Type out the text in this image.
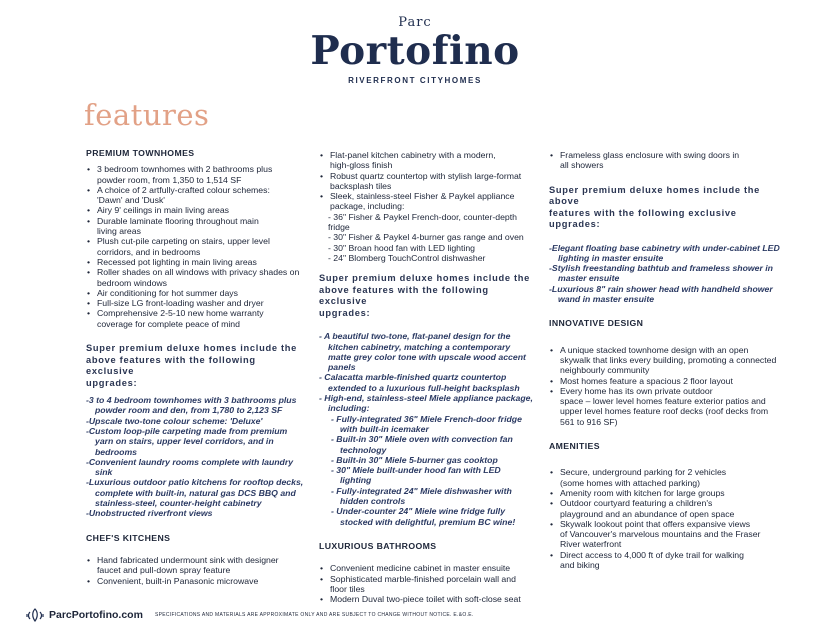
Parc
Portofino
RIVERFRONT CITYHOMES
features
PREMIUM TOWNHOMES
• 3 bedroom townhomes with 2 bathrooms plus
powder room, from 1,350 to 1,514 SF
• A choice of 2 artfully-crafted colour schemes:
'Dawn' and 'Dusk'
• Airy 9' ceilings in main living areas
• Durable laminate flooring throughout main
living areas
• Plush cut-pile carpeting on stairs, upper level
corridors, and in bedrooms
• Recessed pot lighting in main living areas
• Roller shades on all windows with privacy shades on
bedroom windows
• Air conditioning for hot summer days
• Full-size LG front-loading washer and dryer
• Comprehensive 2-5-10 new home warranty
coverage for complete peace of mind
Super premium deluxe homes include the
above features with the following exclusive
upgrades:
-3 to 4 bedroom townhomes with 3 bathrooms plus powder room and den, from 1,780 to 2,123 SF
-Upscale two-tone colour scheme: 'Deluxe'
-Custom loop-pile carpeting made from premium yarn on stairs, upper level corridors, and in bedrooms
-Convenient laundry rooms complete with laundry sink
-Luxurious outdoor patio kitchens for rooftop decks, complete with built-in, natural gas DCS BBQ and stainless-steel, counter-height cabinetry
-Unobstructed riverfront views
CHEF'S KITCHENS
• Hand fabricated undermount sink with designer
faucet and pull-down spray feature
• Convenient, built-in Panasonic microwave
• Flat-panel kitchen cabinetry with a modern,
high-gloss finish
• Robust quartz countertop with stylish large-format
backsplash tiles
• Sleek, stainless-steel Fisher & Paykel appliance
package, including:
- 36" Fisher & Paykel French-door, counter-depth
fridge
- 30" Fisher & Paykel 4-burner gas range and oven
- 30" Broan hood fan with LED lighting
- 24" Blomberg TouchControl dishwasher
Super premium deluxe homes include the
above features with the following exclusive
upgrades:
- A beautiful two-tone, flat-panel design for the kitchen cabinetry, matching a contemporary matte grey color tone with upscale wood accent panels
- Calacatta marble-finished quartz countertop extended to a luxurious full-height backsplash
- High-end, stainless-steel Miele appliance package, including:
- Fully-integrated 36" Miele French-door fridge with built-in icemaker
- Built-in 30" Miele oven with convection fan technology
- Built-in 30" Miele 5-burner gas cooktop
- 30" Miele built-under hood fan with LED lighting
- Fully-integrated 24" Miele dishwasher with hidden controls
- Under-counter 24" Miele wine fridge fully stocked with delightful, premium BC wine!
LUXURIOUS BATHROOMS
• Convenient medicine cabinet in master ensuite
• Sophisticated marble-finished porcelain wall and
floor tiles
• Modern Duval two-piece toilet with soft-close seat
• Frameless glass enclosure with swing doors in
all showers
Super premium deluxe homes include the above
features with the following exclusive upgrades:
-Elegant floating base cabinetry with under-cabinet LED lighting in master ensuite
-Stylish freestanding bathtub and frameless shower in master ensuite
-Luxurious 8" rain shower head with handheld shower wand in master ensuite
INNOVATIVE DESIGN
• A unique stacked townhome design with an open
skywalk that links every building, promoting a connected
neighbourly community
• Most homes feature a spacious 2 floor layout
• Every home has its own private outdoor
space – lower level homes feature exterior patios and
upper level homes feature roof decks (roof decks from
561 to 916 SF)
AMENITIES
• Secure, underground parking for 2 vehicles
(some homes with attached parking)
• Amenity room with kitchen for large groups
• Outdoor courtyard featuring a children's
playground and an abundance of open space
• Skywalk lookout point that offers expansive views
of Vancouver's marvelous mountains and the Fraser
River waterfront
• Direct access to 4,000 ft of dyke trail for walking
and biking
ParcPortofino.com SPECIFICATIONS AND MATERIALS ARE APPROXIMATE ONLY AND ARE SUBJECT TO CHANGE WITHOUT NOTICE. E.&O.E.
